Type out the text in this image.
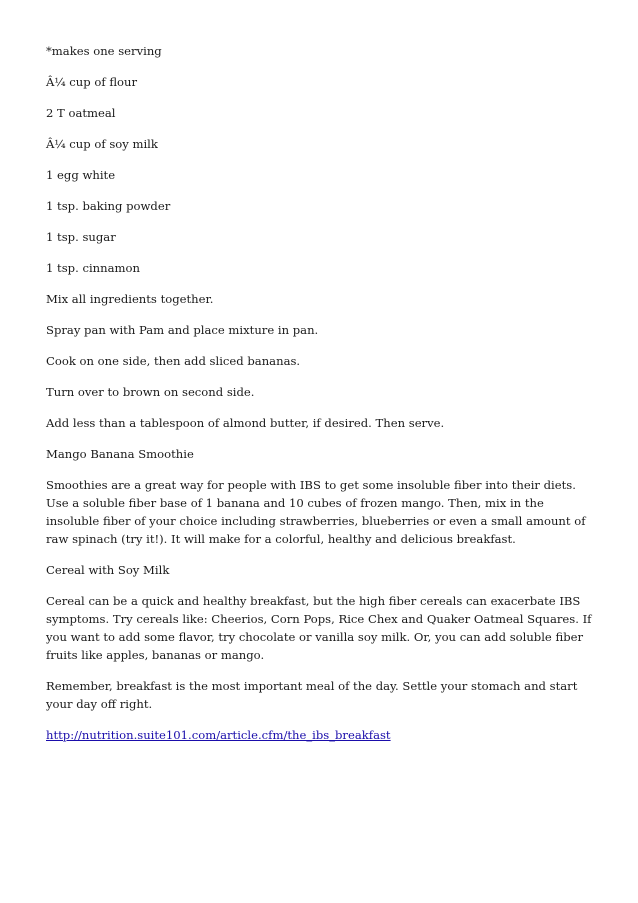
*makes one serving

Â¼ cup of flour

2 T oatmeal

Â¼ cup of soy milk

1 egg white

1 tsp. baking powder

1 tsp. sugar

1 tsp. cinnamon

Mix all ingredients together.

Spray pan with Pam and place mixture in pan.

Cook on one side, then add sliced bananas.

Turn over to brown on second side.

Add less than a tablespoon of almond butter, if desired. Then serve.

Mango Banana Smoothie

Smoothies are a great way for people with IBS to get some insoluble fiber into their diets. Use a soluble fiber base of 1 banana and 10 cubes of frozen mango. Then, mix in the insoluble fiber of your choice including strawberries, blueberries or even a small amount of raw spinach (try it!). It will make for a colorful, healthy and delicious breakfast.

Cereal with Soy Milk

Cereal can be a quick and healthy breakfast, but the high fiber cereals can exacerbate IBS symptoms. Try cereals like: Cheerios, Corn Pops, Rice Chex and Quaker Oatmeal Squares. If you want to add some flavor, try chocolate or vanilla soy milk. Or, you can add soluble fiber fruits like apples, bananas or mango.

Remember, breakfast is the most important meal of the day. Settle your stomach and start your day off right.

http://nutrition.suite101.com/article.cfm/the_ibs_breakfast
